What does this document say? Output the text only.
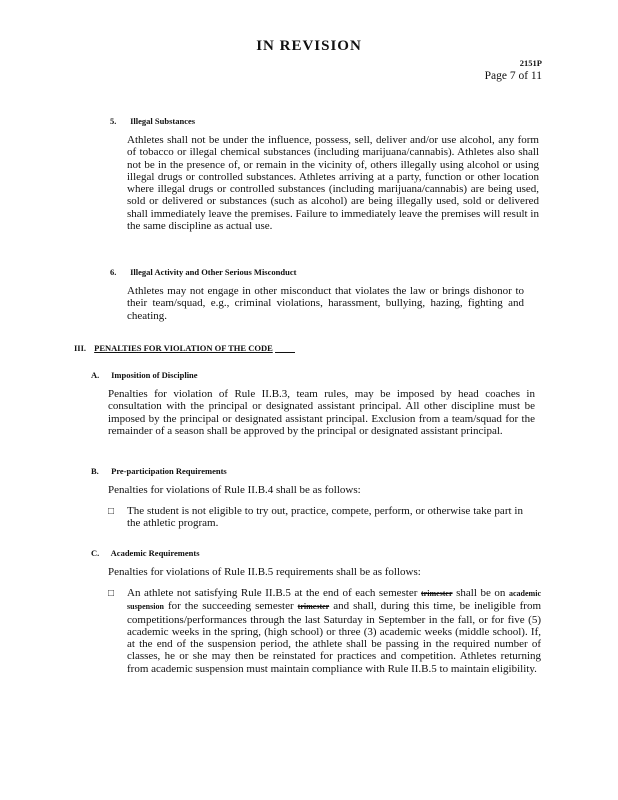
IN REVISION
2151P
Page 7 of 11
5. Illegal Substances
Athletes shall not be under the influence, possess, sell, deliver and/or use alcohol, any form of tobacco or illegal chemical substances (including marijuana/cannabis). Athletes also shall not be in the presence of, or remain in the vicinity of, others illegally using alcohol or using illegal drugs or controlled substances. Athletes arriving at a party, function or other location where illegal drugs or controlled substances (including marijuana/cannabis) are being used, sold or delivered or substances (such as alcohol) are being illegally used, sold or delivered shall immediately leave the premises. Failure to immediately leave the premises will result in the same discipline as actual use.
6. Illegal Activity and Other Serious Misconduct
Athletes may not engage in other misconduct that violates the law or brings dishonor to their team/squad, e.g., criminal violations, harassment, bullying, hazing, fighting and cheating.
III. PENALTIES FOR VIOLATION OF THE CODE
A. Imposition of Discipline
Penalties for violation of Rule II.B.3, team rules, may be imposed by head coaches in consultation with the principal or designated assistant principal. All other discipline must be imposed by the principal or designated assistant principal. Exclusion from a team/squad for the remainder of a season shall be approved by the principal or designated assistant principal.
B. Pre-participation Requirements
Penalties for violations of Rule II.B.4 shall be as follows:
□ The student is not eligible to try out, practice, compete, perform, or otherwise take part in the athletic program.
C. Academic Requirements
Penalties for violations of Rule II.B.5 requirements shall be as follows:
□ An athlete not satisfying Rule II.B.5 at the end of each semester trimester shall be on academic suspension for the succeeding semester trimester and shall, during this time, be ineligible from competitions/performances through the last Saturday in September in the fall, or for five (5) academic weeks in the spring, (high school) or three (3) academic weeks (middle school). If, at the end of the suspension period, the athlete shall be passing in the required number of classes, he or she may then be reinstated for practices and competition. Athletes returning from academic suspension must maintain compliance with Rule II.B.5 to maintain eligibility.
